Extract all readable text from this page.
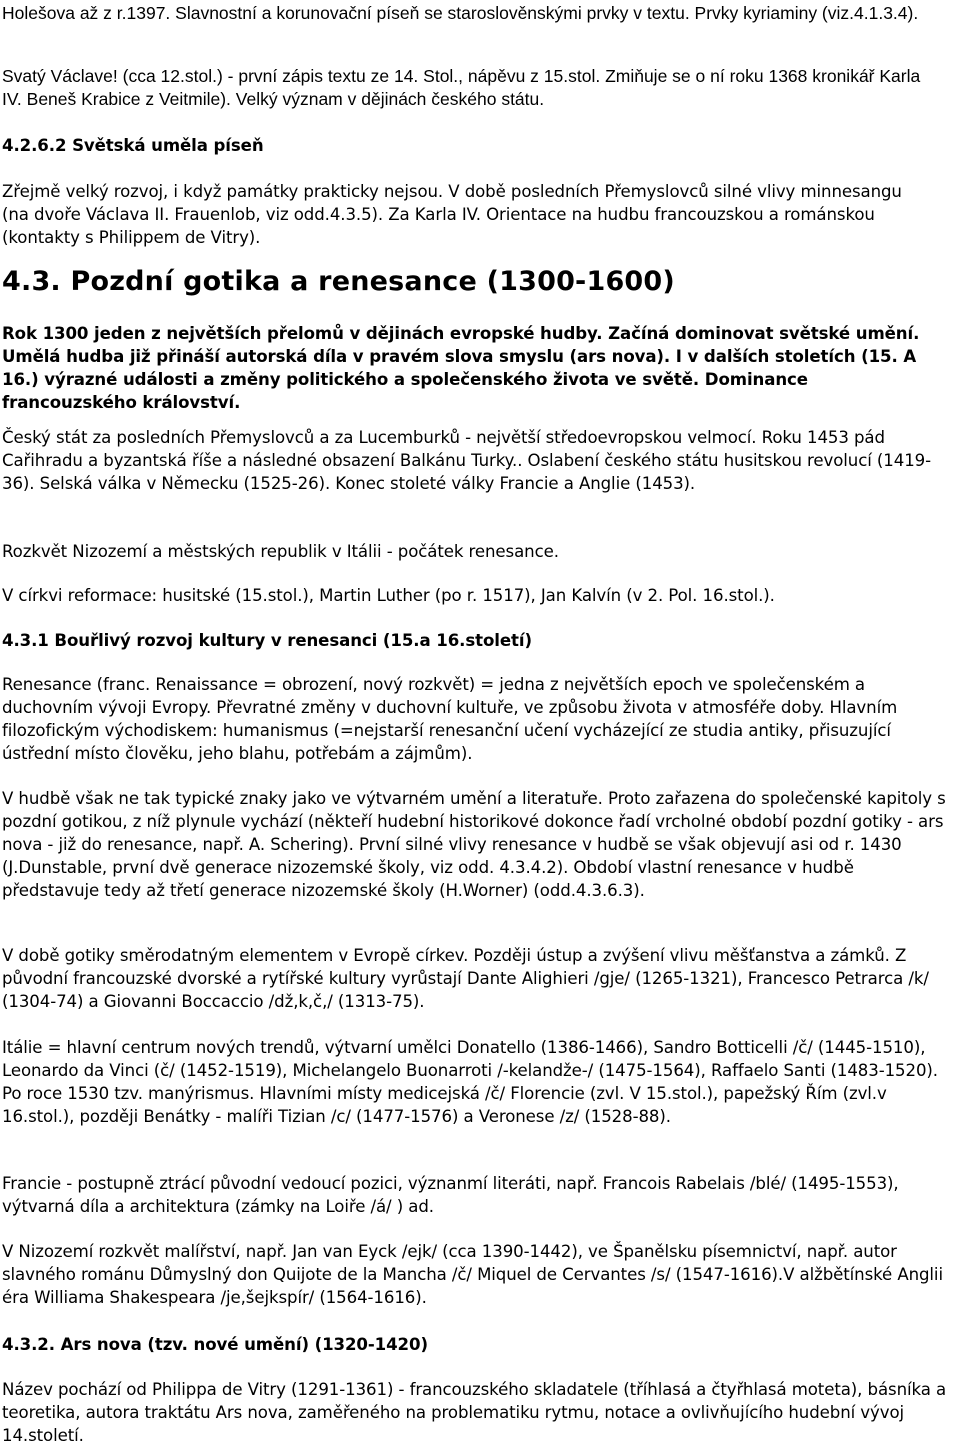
Holešova až z r.1397. Slavnostní a korunovační píseň se staroslověnskými prvky v textu. Prvky kyriaminy (viz.4.1.3.4).

Svatý Václave! (cca 12.stol.) - první zápis textu ze 14. Stol., nápěvu z 15.stol. Zmiňuje se o ní roku 1368 kronikář Karla IV. Beneš Krabice z Veitmile). Velký význam v dějinách českého státu.

4.2.6.2 Světská uměla píseň

Zřejmě velký rozvoj, i když památky prakticky nejsou. V době posledních Přemyslovců silné vlivy minnesangu (na dvoře Václava II. Frauenlob, viz odd.4.3.5). Za Karla IV. Orientace na hudbu francouzskou a románskou (kontakty s Philippem de Vitry).

4.3. Pozdní gotika a renesance (1300-1600)

Rok 1300 jeden z největších přelomů v dějinách evropské hudby. Začíná dominovat světské umění. Umělá hudba již přináší autorská díla v pravém slova smyslu (ars nova). I v dalších stoletích (15. A 16.) výrazné události a změny politického a společenského života ve světě. Dominance francouzského království.

Český stát za posledních Přemyslovců a za Lucemburků - největší středoevropskou velmocí. Roku 1453 pád Cařihradu a byzantská říše a následné obsazení Balkánu Turky.. Oslabení českého státu husitskou revolucí (1419-36). Selská válka v Německu (1525-26). Konec stoleté války Francie a Anglie (1453).

Rozkvět Nizozemí a městských republik v Itálii - počátek renesance.

V církvi reformace: husitské (15.stol.), Martin Luther (po r. 1517), Jan Kalvín (v 2. Pol. 16.stol.).

4.3.1 Bouřlivý rozvoj kultury v renesanci (15.a 16.století)

Renesance (franc. Renaissance = obrození, nový rozkvět) = jedna z největších epoch ve společenském a duchovním vývoji Evropy. Převratné změny v duchovní kultuře, ve způsobu života v atmosféře doby. Hlavním filozofickým východiskem: humanismus (=nejstarší renesanční učení vycházející ze studia antiky, přisuzující ústřední místo člověku, jeho blahu, potřebám a zájmům).

V hudbě však ne tak typické znaky jako ve výtvarném umění a literatuře. Proto zařazena do společenské kapitoly s pozdní gotikou, z níž plynule vychází (někteří hudební historikové dokonce řadí vrcholné období pozdní gotiky - ars nova - již do renesance, např. A. Schering). První silné vlivy renesance v hudbě se však objevují asi od r. 1430 (J.Dunstable, první dvě generace nizozemské školy, viz odd. 4.3.4.2). Období vlastní renesance v hudbě představuje tedy až třetí generace nizozemské školy (H.Worner) (odd.4.3.6.3).

V době gotiky směrodatným elementem v Evropě církev. Později ústup a zvýšení vlivu měšťanstva a zámků. Z původní francouzské dvorské a rytířské kultury vyrůstají Dante Alighieri /gje/ (1265-1321), Francesco Petrarca /k/ (1304-74) a Giovanni Boccaccio /dž,k,č,/ (1313-75).

Itálie = hlavní centrum nových trendů, výtvarní umělci Donatello (1386-1466), Sandro Botticelli /č/ (1445-1510), Leonardo da Vinci (č/ (1452-1519), Michelangelo Buonarroti /-kelandže-/ (1475-1564), Raffaelo Santi (1483-1520). Po roce 1530 tzv. manýrismus. Hlavními místy medicejská /č/ Florencie (zvl. V 15.stol.), papežský Řím (zvl.v 16.stol.), později Benátky - malíři Tizian /c/ (1477-1576) a Veronese /z/ (1528-88).

Francie - postupně ztrácí původní vedoucí pozici, význanmí literáti, např. Francois Rabelais /blé/ (1495-1553), výtvarná díla a architektura (zámky na Loiře /á/ ) ad.

V Nizozemí rozkvět malířství, např. Jan van Eyck /ejk/ (cca 1390-1442), ve Španělsku písemnictví, např. autor slavného románu Důmyslný don Quijote de la Mancha /č/ Miquel de Cervantes /s/ (1547-1616).V alžbětínské Anglii éra Williama Shakespeara /je,šejkspír/ (1564-1616).

4.3.2. Ars nova (tzv. nové umění) (1320-1420)

Název pochází od Philippa de Vitry (1291-1361) - francouzského skladatele (tříhlasá a čtyřhlasá moteta), básníka a teoretika, autora traktátu Ars nova, zaměřeného na problematiku rytmu, notace a ovlivňujícího hudební vývoj 14.století.
